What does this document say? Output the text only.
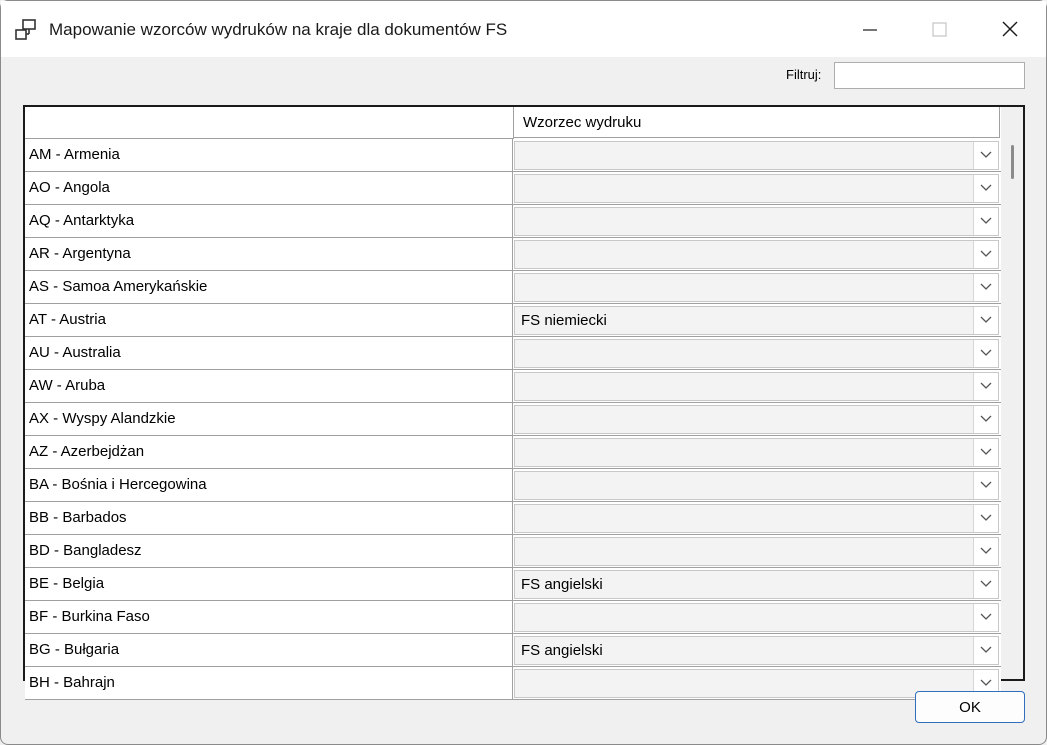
Mapowanie wzorców wydruków na kraje dla dokumentów FS
Filtruj:
Wzorzec wydruku
AM - Armenia
AO - Angola
AQ - Antarktyka
AR - Argentyna
AS - Samoa Amerykańskie
AT - Austria	FS niemiecki
AU - Australia
AW - Aruba
AX - Wyspy Alandzkie
AZ - Azerbejdżan
BA - Bośnia i Hercegowina
BB - Barbados
BD - Bangladesz
BE - Belgia	FS angielski
BF - Burkina Faso
BG - Bułgaria	FS angielski
BH - Bahrajn
OK
